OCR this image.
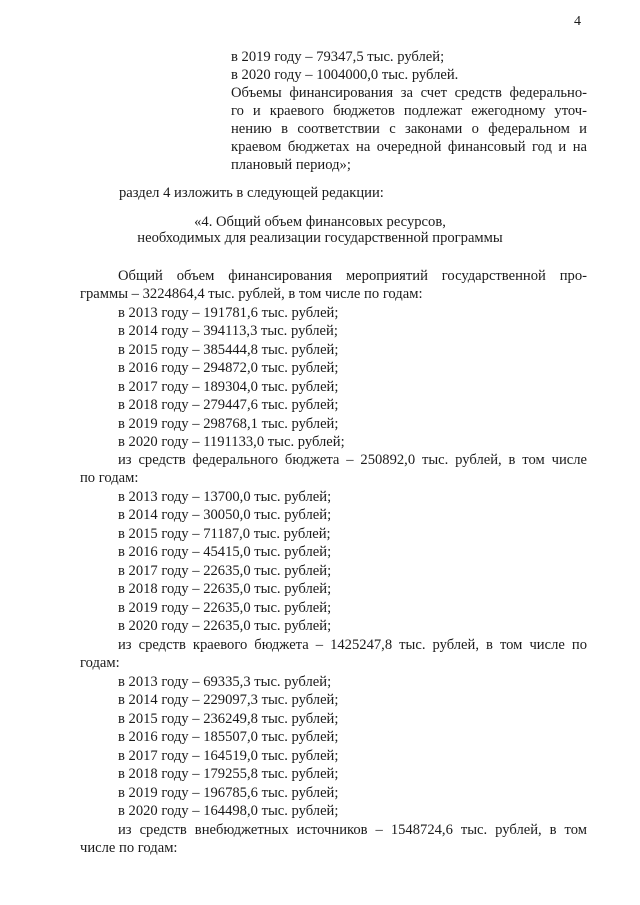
4
в 2019 году – 79347,5 тыс. рублей;
в 2020 году – 1004000,0 тыс. рублей.
Объемы финансирования за счет средств федерально-
го и краевого бюджетов подлежат ежегодному уточ-
нению в соответствии с законами о федеральном и
краевом бюджетах на очередной финансовый год и на
плановый период»;
раздел 4 изложить в следующей редакции:
«4. Общий объем финансовых ресурсов,
необходимых для реализации государственной программы
Общий объем финансирования мероприятий государственной про-
граммы – 3224864,4 тыс. рублей, в том числе по годам:
в 2013 году – 191781,6 тыс. рублей;
в 2014 году – 394113,3 тыс. рублей;
в 2015 году – 385444,8 тыс. рублей;
в 2016 году – 294872,0 тыс. рублей;
в 2017 году – 189304,0 тыс. рублей;
в 2018 году – 279447,6 тыс. рублей;
в 2019 году – 298768,1 тыс. рублей;
в 2020 году – 1191133,0 тыс. рублей;
из средств федерального бюджета – 250892,0 тыс. рублей, в том числе
по годам:
в 2013 году – 13700,0 тыс. рублей;
в 2014 году – 30050,0 тыс. рублей;
в 2015 году – 71187,0 тыс. рублей;
в 2016 году – 45415,0 тыс. рублей;
в 2017 году – 22635,0 тыс. рублей;
в 2018 году – 22635,0 тыс. рублей;
в 2019 году – 22635,0 тыс. рублей;
в 2020 году – 22635,0 тыс. рублей;
из средств краевого бюджета – 1425247,8 тыс. рублей, в том числе по
годам:
в 2013 году – 69335,3 тыс. рублей;
в 2014 году – 229097,3 тыс. рублей;
в 2015 году – 236249,8 тыс. рублей;
в 2016 году – 185507,0 тыс. рублей;
в 2017 году – 164519,0 тыс. рублей;
в 2018 году – 179255,8 тыс. рублей;
в 2019 году – 196785,6 тыс. рублей;
в 2020 году – 164498,0 тыс. рублей;
из средств внебюджетных источников – 1548724,6 тыс. рублей, в том
числе по годам:
